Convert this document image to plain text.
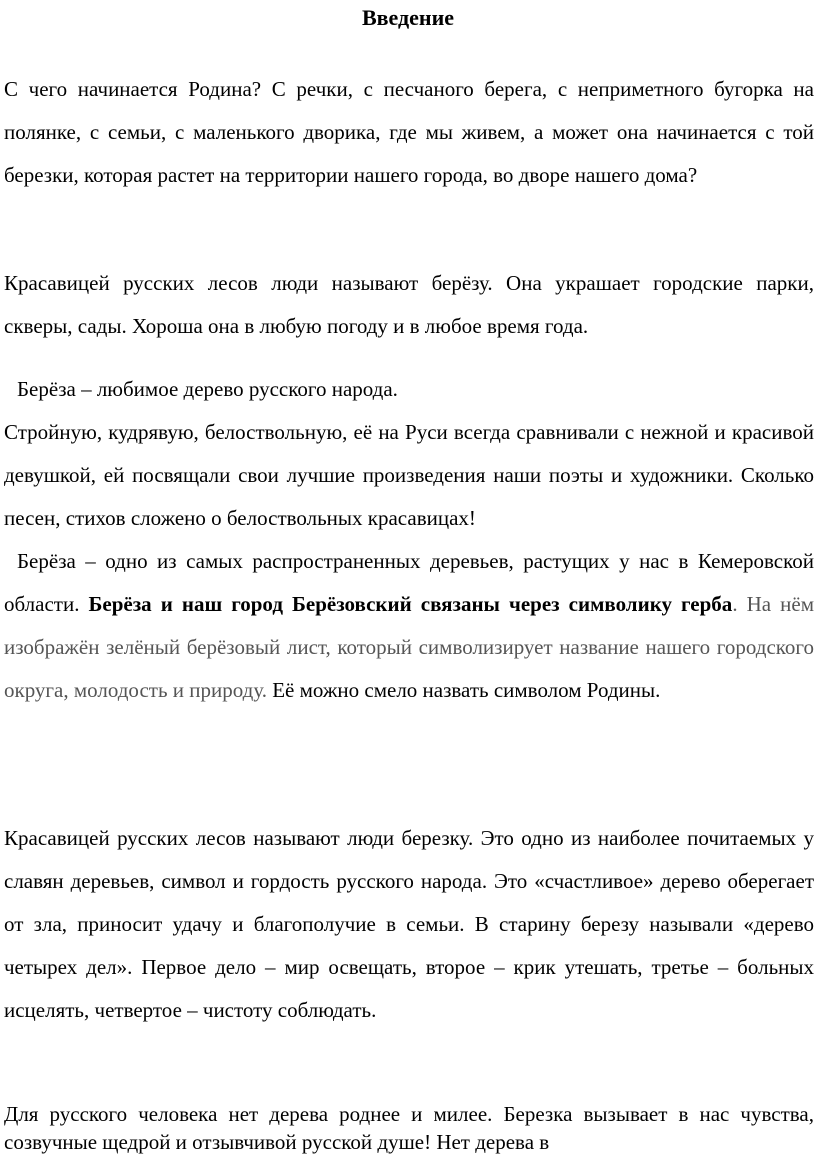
Введение

С чего начинается Родина? С речки, с песчаного берега, с неприметного бугорка на полянке, с семьи, с маленького дворика, где мы живем, а может она начинается с той березки, которая растет на территории нашего города, во дворе нашего дома?

Красавицей русских лесов люди называют берёзу. Она украшает городские парки, скверы, сады. Хороша она в любую погоду и в любое время года.

Берёза – любимое дерево русского народа.

Стройную, кудрявую, белоствольную, её на Руси всегда сравнивали с нежной и красивой девушкой, ей посвящали свои лучшие произведения наши поэты и художники. Сколько песен, стихов сложено о белоствольных красавицах!

Берёза – одно из самых распространенных деревьев, растущих у нас в Кемеровской области. Берёза и наш город Берёзовский связаны через символику герба. На нём изображён зелёный берёзовый лист, который символизирует название нашего городского округа, молодость и природу. Её можно смело назвать символом Родины.

Красавицей русских лесов называют люди березку. Это одно из наиболее почитаемых у славян деревьев, символ и гордость русского народа. Это «счастливое» дерево оберегает от зла, приносит удачу и благополучие в семьи. В старину березу называли «дерево четырех дел». Первое дело – мир освещать, второе – крик утешать, третье – больных исцелять, четвертое – чистоту соблюдать.

Для русского человека нет дерева роднее и милее. Березка вызывает в нас чувства, созвучные щедрой и отзывчивой русской душе! Нет дерева в
